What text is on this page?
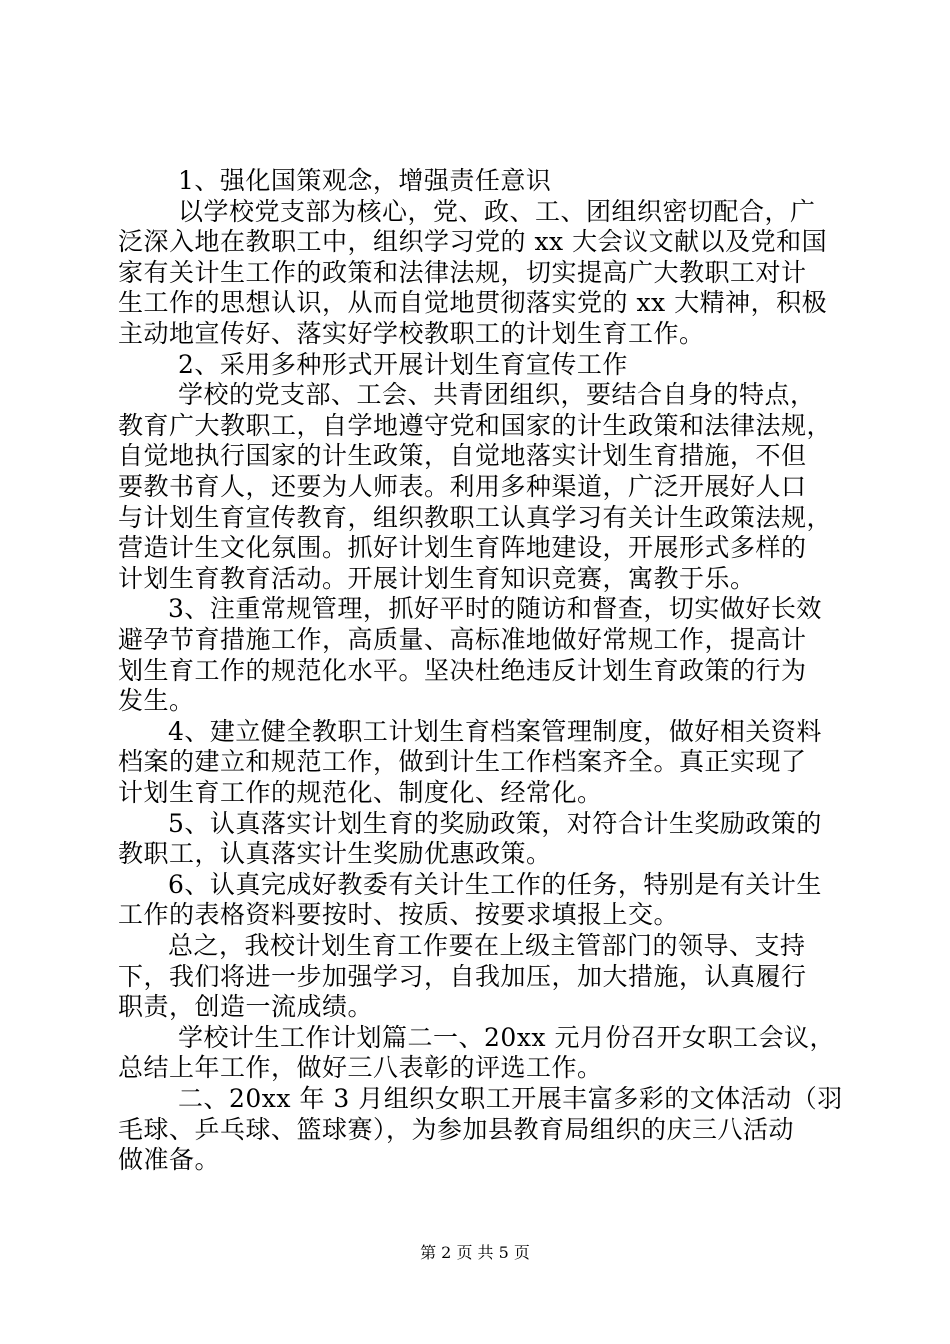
1、强化国策观念，增强责任意识
以学校党支部为核心，党、政、工、团组织密切配合，广
泛深入地在教职工中，组织学习党的 xx 大会议文献以及党和国
家有关计生工作的政策和法律法规，切实提高广大教职工对计
生工作的思想认识，从而自觉地贯彻落实党的 xx 大精神，积极
主动地宣传好、落实好学校教职工的计划生育工作。
2、采用多种形式开展计划生育宣传工作
学校的党支部、工会、共青团组织，要结合自身的特点，
教育广大教职工，自学地遵守党和国家的计生政策和法律法规，
自觉地执行国家的计生政策，自觉地落实计划生育措施，不但
要教书育人，还要为人师表。利用多种渠道，广泛开展好人口
与计划生育宣传教育，组织教职工认真学习有关计生政策法规，
营造计生文化氛围。抓好计划生育阵地建设，开展形式多样的
计划生育教育活动。开展计划生育知识竞赛，寓教于乐。
3、注重常规管理，抓好平时的随访和督查，切实做好长效
避孕节育措施工作，高质量、高标准地做好常规工作，提高计
划生育工作的规范化水平。坚决杜绝违反计划生育政策的行为
发生。
4、建立健全教职工计划生育档案管理制度，做好相关资料
档案的建立和规范工作，做到计生工作档案齐全。真正实现了
计划生育工作的规范化、制度化、经常化。
5、认真落实计划生育的奖励政策，对符合计生奖励政策的
教职工，认真落实计生奖励优惠政策。
6、认真完成好教委有关计生工作的任务，特别是有关计生
工作的表格资料要按时、按质、按要求填报上交。
总之，我校计划生育工作要在上级主管部门的领导、支持
下，我们将进一步加强学习，自我加压，加大措施，认真履行
职责，创造一流成绩。
学校计生工作计划篇二一、20xx 元月份召开女职工会议，
总结上年工作，做好三八表彰的评选工作。
二、20xx 年 3 月组织女职工开展丰富多彩的文体活动（羽
毛球、乒乓球、篮球赛），为参加县教育局组织的庆三八活动
做准备。
第 2 页 共 5 页
